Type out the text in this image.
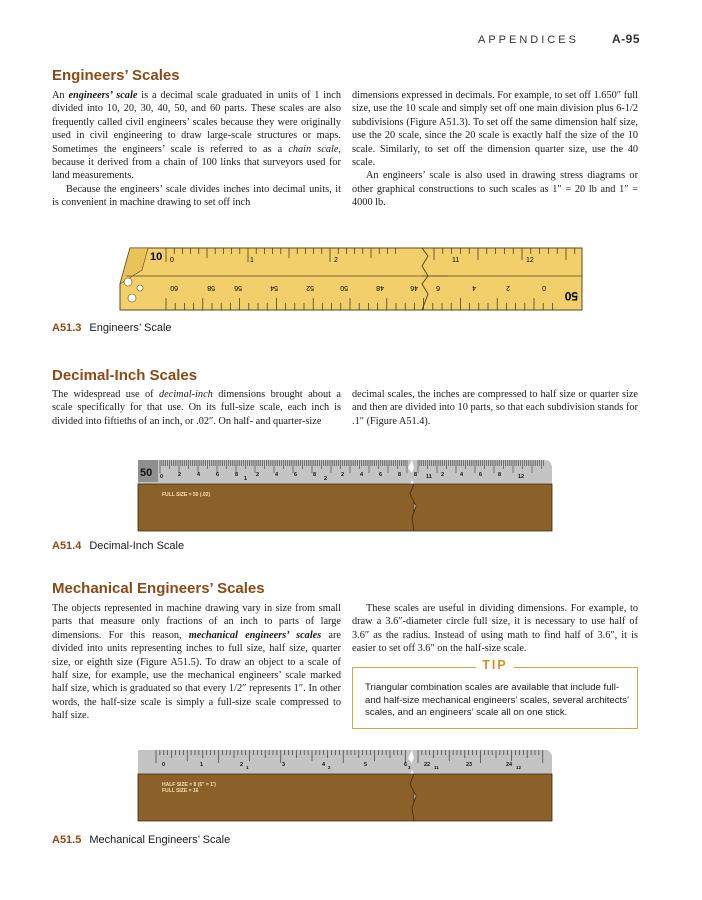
APPENDICES	A-95
Engineers’ Scales

An engineers’ scale is a decimal scale graduated in units of 1 inch divided into 10, 20, 30, 40, 50, and 60 parts. These scales are also frequently called civil engineers’ scales because they were originally used in civil engineering to draw large-scale structures or maps. Sometimes the engineers’ scale is referred to as a chain scale, because it derived from a chain of 100 links that surveyors used for land measurements.

Because the engineers’ scale divides inches into decimal units, it is convenient in machine drawing to set off inch

dimensions expressed in decimals. For example, to set off 1.650″ full size, use the 10 scale and simply set off one main division plus 6-1/2 subdivisions (Figure A51.3). To set off the same dimension half size, use the 20 scale, since the 20 scale is exactly half the size of the 10 scale. Similarly, to set off the dimension quarter size, use the 40 scale.

An engineers’ scale is also used in drawing stress diagrams or other graphical constructions to such scales as 1″ = 20 lb and 1″ = 4000 lb.

10 0	1	2	11	12
60	58	56	54	52	50	48	46	6	4	2	0
50
A51.3 Engineers’ Scale
Decimal-Inch Scales

The widespread use of decimal-inch dimensions brought about a scale specifically for that use. On its full-size scale, each inch is divided into fiftieths of an inch, or .02″. On half- and quarter-size

decimal scales, the inches are compressed to half size or quarter size and then are divided into 10 parts, so that each subdivision stands for .1″ (Figure A51.4).

50 0	2	4	6	8
1
2	4	6	8
2
2	4	6	8 8 11 2	4	6	8	12
FULL SIZE = 50 (.02)
A51.4 Decimal-Inch Scale
Mechanical Engineers’ Scales

The objects represented in machine drawing vary in size from small parts that measure only fractions of an inch to parts of large dimensions. For this reason, mechanical engineers’ scales are divided into units representing inches to full size, half size, quarter size, or eighth size (Figure A51.5). To draw an object to a scale of half size, for example, use the mechanical engineers’ scale marked half size, which is graduated so that every 1/2″ represents 1″. In other words, the half-size scale is simply a full-size scale compressed to half size.

These scales are useful in dividing dimensions. For example, to draw a 3.6″-diameter circle full size, it is necessary to use half of 3.6″ as the radius. Instead of using math to find half of 3.6″, it is easier to set off 3.6″ on the half-size scale.

TIP
Triangular combination scales are available that include full- and half-size mechanical engineers’ scales, several architects’ scales, and an engineers’ scale all on one stick.
0	1	2	3	4	5	6	22	23	24
1	2	3	11	12
HALF SIZE = 8 (6″ = 1′)
FULL SIZE = 16
A51.5 Mechanical Engineers’ Scale
